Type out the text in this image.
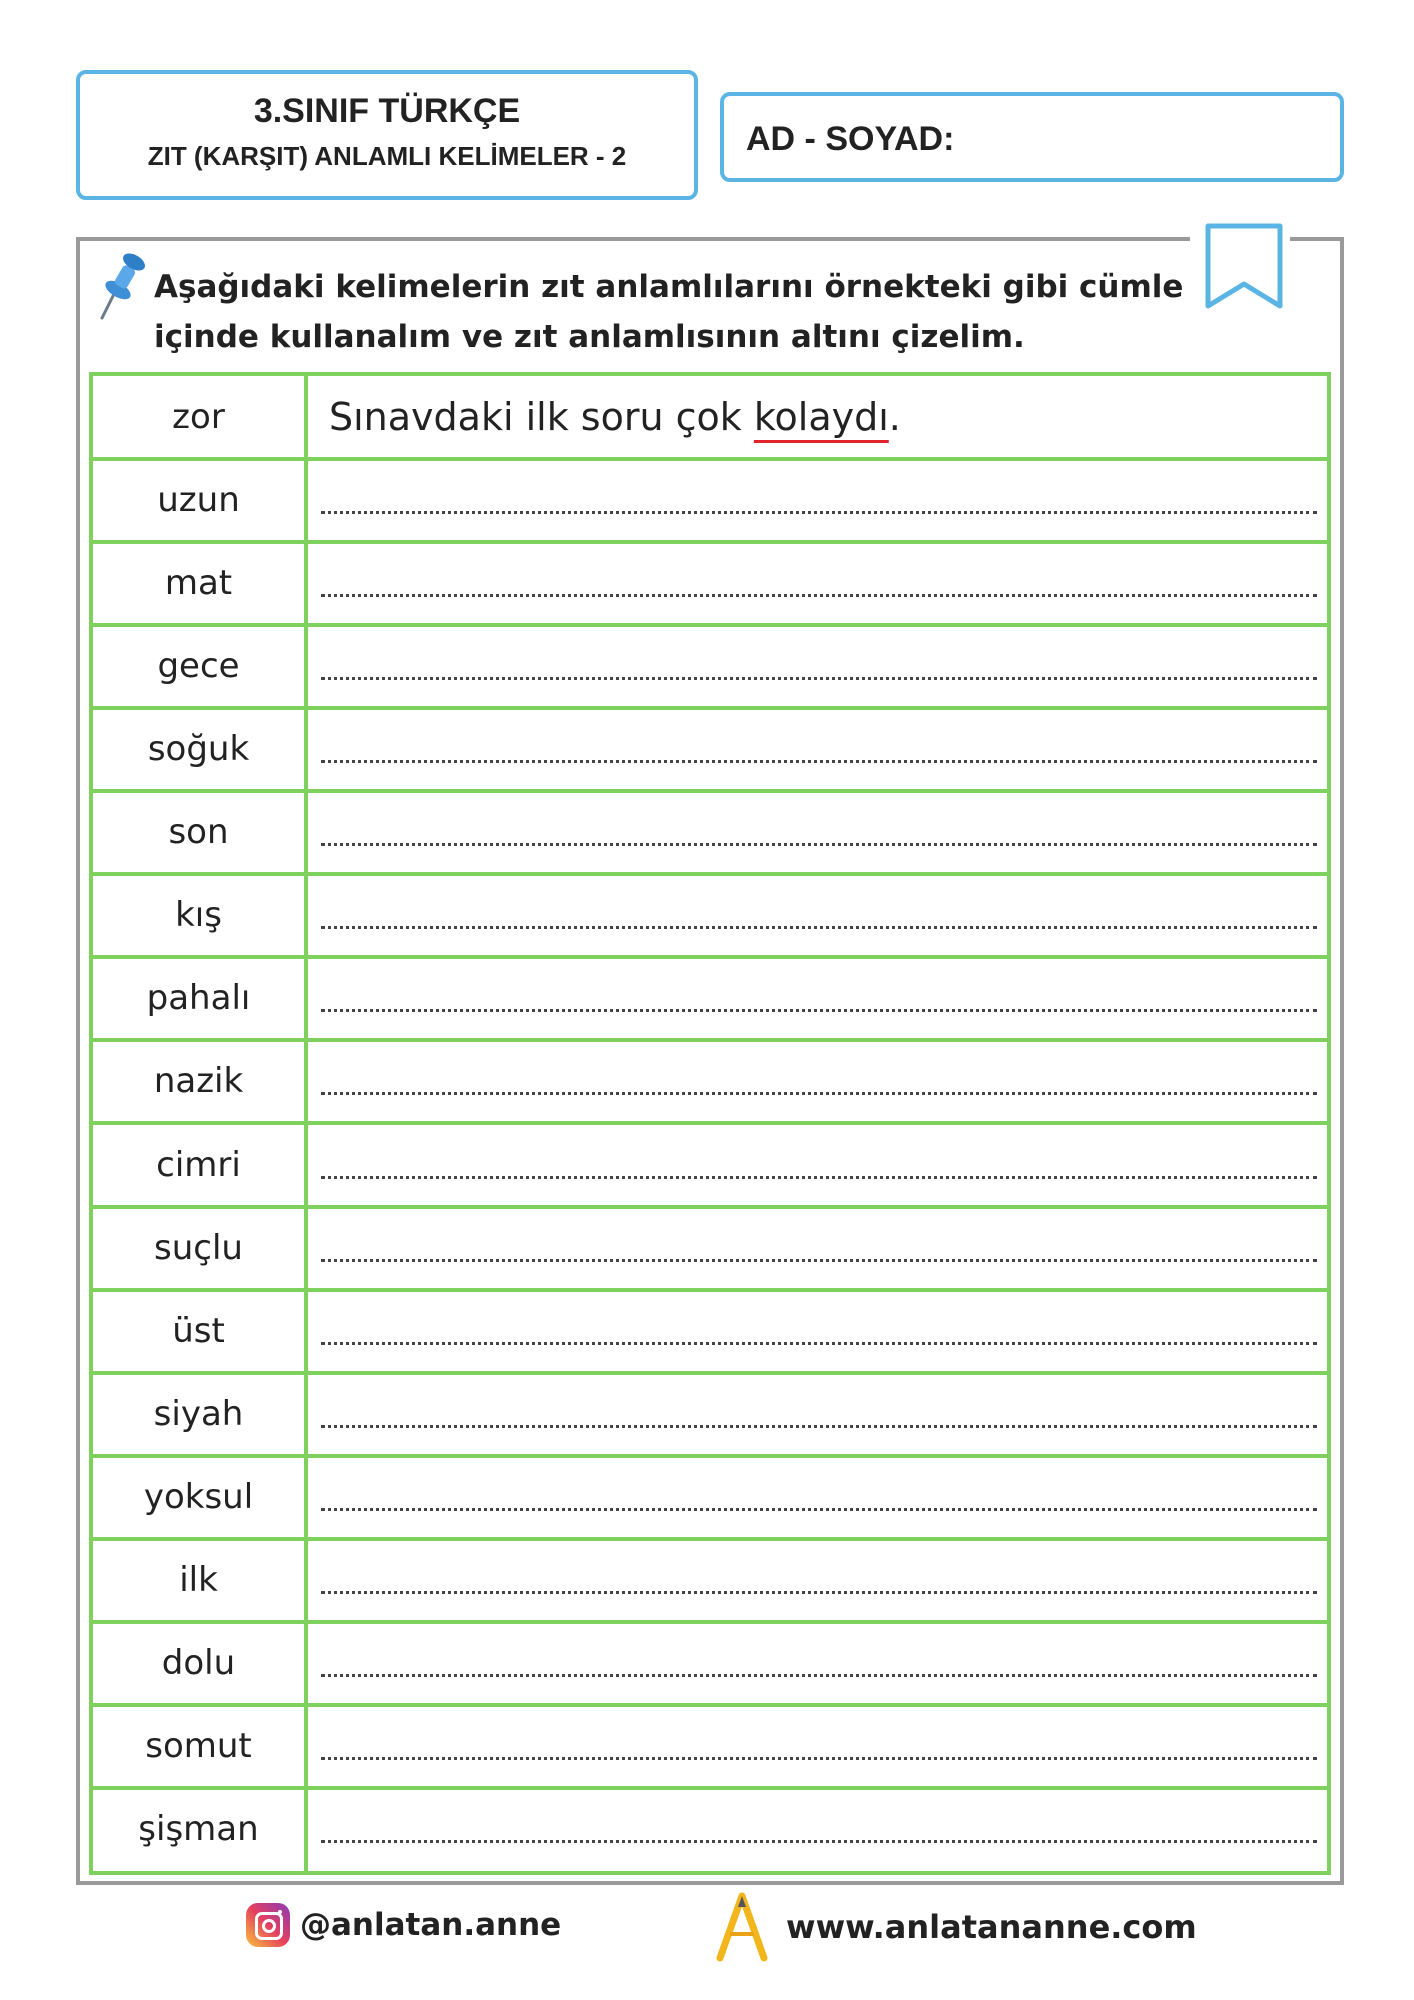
3.SINIF TÜRKÇE
ZIT (KARŞIT) ANLAMLI KELİMELER - 2	AD - SOYAD:
Aşağıdaki kelimelerin zıt anlamlılarını örnekteki gibi cümle
içinde kullanalım ve zıt anlamlısının altını çizelim.
zor	Sınavdaki ilk soru çok kolaydı.
uzun
mat
gece
soğuk
son
kış
pahalı
nazik
cimri
suçlu
üst
siyah
yoksul
ilk
dolu
somut
şişman
@anlatan.anne	www.anlatananne.com
